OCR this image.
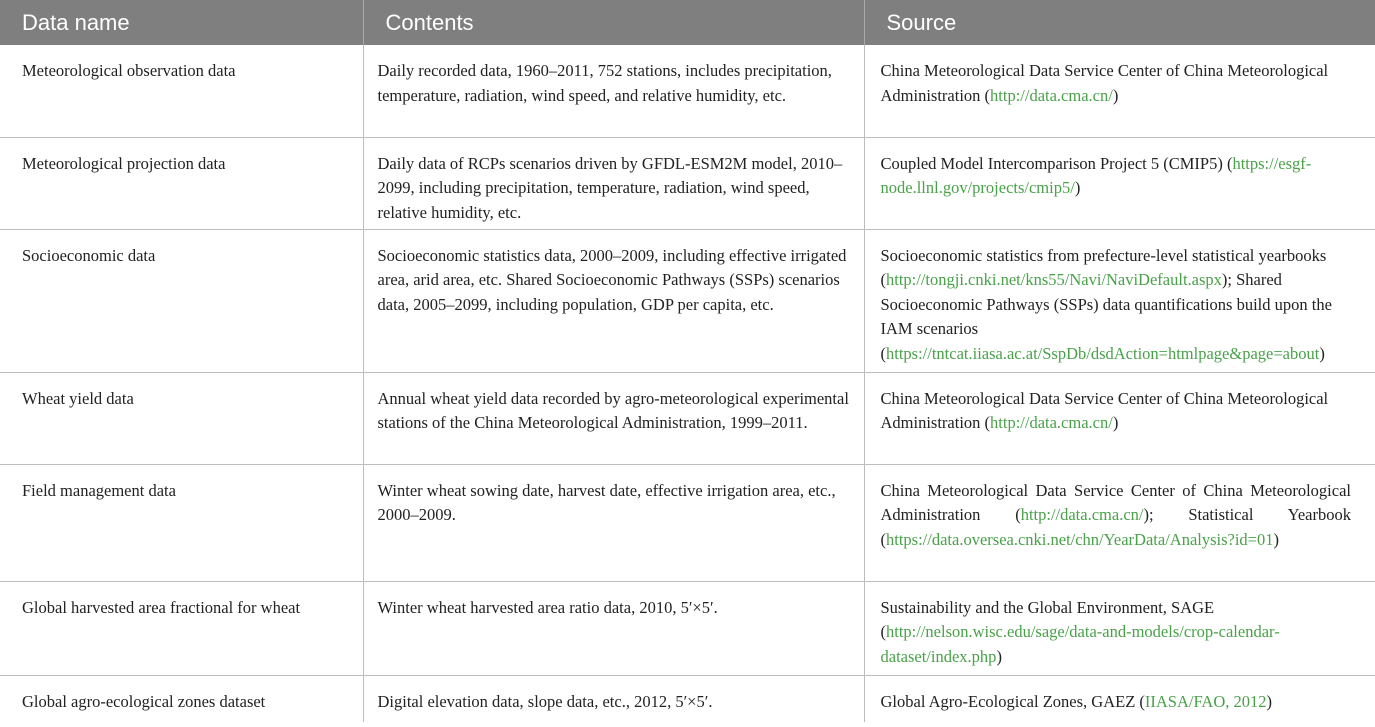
Data name	Contents	Source
Meteorological observation data	Daily recorded data, 1960–2011, 752 stations, includes precipitation, temperature, radiation, wind speed, and relative humidity, etc.	China Meteorological Data Service Center of China Meteorological Administration (http://data.cma.cn/)
Meteorological projection data	Daily data of RCPs scenarios driven by GFDL-ESM2M model, 2010–2099, including precipitation, temperature, radiation, wind speed, relative humidity, etc.	Coupled Model Intercomparison Project 5 (CMIP5) (https://esgf-node.llnl.gov/projects/cmip5/)
Socioeconomic data	Socioeconomic statistics data, 2000–2009, including effective irrigated area, arid area, etc. Shared Socioeconomic Pathways (SSPs) scenarios data, 2005–2099, including population, GDP per capita, etc.	Socioeconomic statistics from prefecture-level statistical yearbooks (http://tongji.cnki.net/kns55/Navi/NaviDefault.aspx); Shared Socioeconomic Pathways (SSPs) data quantifications build upon the IAM scenarios (https://tntcat.iiasa.ac.at/SspDb/dsdAction=htmlpage&page=about)
Wheat yield data	Annual wheat yield data recorded by agro-meteorological experimental stations of the China Meteorological Administration, 1999–2011.	China Meteorological Data Service Center of China Meteorological Administration (http://data.cma.cn/)
Field management data	Winter wheat sowing date, harvest date, effective irrigation area, etc., 2000–2009.	China Meteorological Data Service Center of China Meteorological Administration (http://data.cma.cn/); Statistical Yearbook (https://data.oversea.cnki.net/chn/YearData/Analysis?id=01)
Global harvested area fractional for wheat	Winter wheat harvested area ratio data, 2010, 5′×5′.	Sustainability and the Global Environment, SAGE (http://nelson.wisc.edu/sage/data-and-models/crop-calendar-dataset/index.php)
Global agro-ecological zones dataset	Digital elevation data, slope data, etc., 2012, 5′×5′.	Global Agro-Ecological Zones, GAEZ (IIASA/FAO, 2012)
